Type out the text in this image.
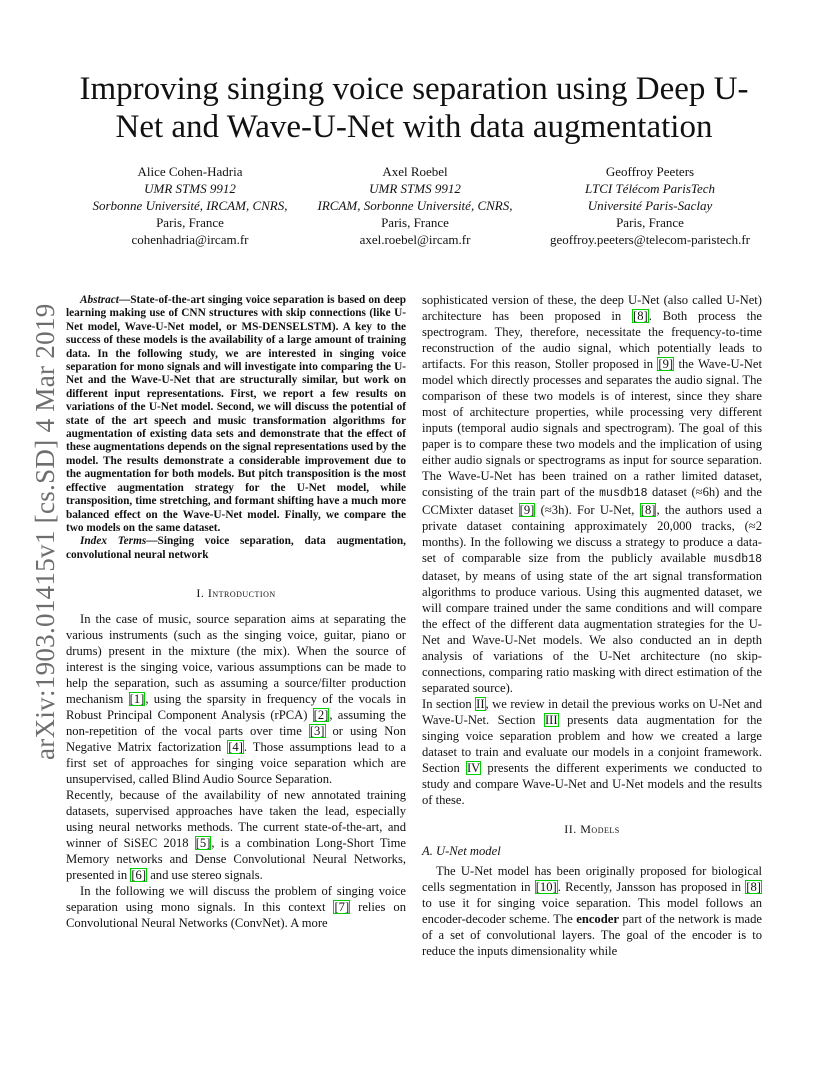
Improving singing voice separation using Deep U-Net and Wave-U-Net with data augmentation
Alice Cohen-Hadria
UMR STMS 9912
Sorbonne Université, IRCAM, CNRS,
Paris, France
cohenhadria@ircam.fr
Axel Roebel
UMR STMS 9912
IRCAM, Sorbonne Université, CNRS,
Paris, France
axel.roebel@ircam.fr
Geoffroy Peeters
LTCI Télécom ParisTech
Université Paris-Saclay
Paris, France
geoffroy.peeters@telecom-paristech.fr
arXiv:1903.01415v1 [cs.SD] 4 Mar 2019

Abstract—State-of-the-art singing voice separation is based on deep learning making use of CNN structures with skip connections (like U-Net model, Wave-U-Net model, or MS-DENSELSTM). A key to the success of these models is the availability of a large amount of training data. In the following study, we are interested in singing voice separation for mono signals and will investigate into comparing the U-Net and the Wave-U-Net that are structurally similar, but work on different input representations. First, we report a few results on variations of the U-Net model. Second, we will discuss the potential of state of the art speech and music transformation algorithms for augmentation of existing data sets and demonstrate that the effect of these augmentations depends on the signal representations used by the model. The results demonstrate a considerable improvement due to the augmentation for both models. But pitch transposition is the most effective augmentation strategy for the U-Net model, while transposition, time stretching, and formant shifting have a much more balanced effect on the Wave-U-Net model. Finally, we compare the two models on the same dataset.

Index Terms—Singing voice separation, data augmentation, convolutional neural network

I. Introduction

In the case of music, source separation aims at separating the various instruments (such as the singing voice, guitar, piano or drums) present in the mixture (the mix). When the source of interest is the singing voice, various assumptions can be made to help the separation, such as assuming a source/filter production mechanism [1], using the sparsity in frequency of the vocals in Robust Principal Component Analysis (rPCA) [2], assuming the non-repetition of the vocal parts over time [3] or using Non Negative Matrix factorization [4]. Those assumptions lead to a first set of approaches for singing voice separation which are unsupervised, called Blind Audio Source Separation.

Recently, because of the availability of new annotated training datasets, supervised approaches have taken the lead, especially using neural networks methods. The current state-of-the-art, and winner of SiSEC 2018 [5], is a combination Long-Short Time Memory networks and Dense Convolutional Neural Networks, presented in [6] and use stereo signals.

In the following we will discuss the problem of singing voice separation using mono signals. In this context [7] relies on Convolutional Neural Networks (ConvNet). A more

sophisticated version of these, the deep U-Net (also called U-Net) architecture has been proposed in [8]. Both process the spectrogram. They, therefore, necessitate the frequency-to-time reconstruction of the audio signal, which potentially leads to artifacts. For this reason, Stoller proposed in [9] the Wave-U-Net model which directly processes and separates the audio signal. The comparison of these two models is of interest, since they share most of architecture properties, while processing very different inputs (temporal audio signals and spectrogram). The goal of this paper is to compare these two models and the implication of using either audio signals or spectrograms as input for source separation. The Wave-U-Net has been trained on a rather limited dataset, consisting of the train part of the musdb18 dataset (≈6h) and the CCMixter dataset [9] (≈3h). For U-Net, [8], the authors used a private dataset containing approximately 20,000 tracks, (≈2 months). In the following we discuss a strategy to produce a data-set of comparable size from the publicly available musdb18 dataset, by means of using state of the art signal transformation algorithms to produce various. Using this augmented dataset, we will compare trained under the same conditions and will compare the effect of the different data augmentation strategies for the U-Net and Wave-U-Net models. We also conducted an in depth analysis of variations of the U-Net architecture (no skip-connections, comparing ratio masking with direct estimation of the separated source).

In section II, we review in detail the previous works on U-Net and Wave-U-Net. Section III presents data augmentation for the singing voice separation problem and how we created a large dataset to train and evaluate our models in a conjoint framework. Section IV presents the different experiments we conducted to study and compare Wave-U-Net and U-Net models and the results of these.

II. Models

A. U-Net model

The U-Net model has been originally proposed for biological cells segmentation in [10]. Recently, Jansson has proposed in [8] to use it for singing voice separation. This model follows an encoder-decoder scheme. The encoder part of the network is made of a set of convolutional layers. The goal of the encoder is to reduce the inputs dimensionality while
